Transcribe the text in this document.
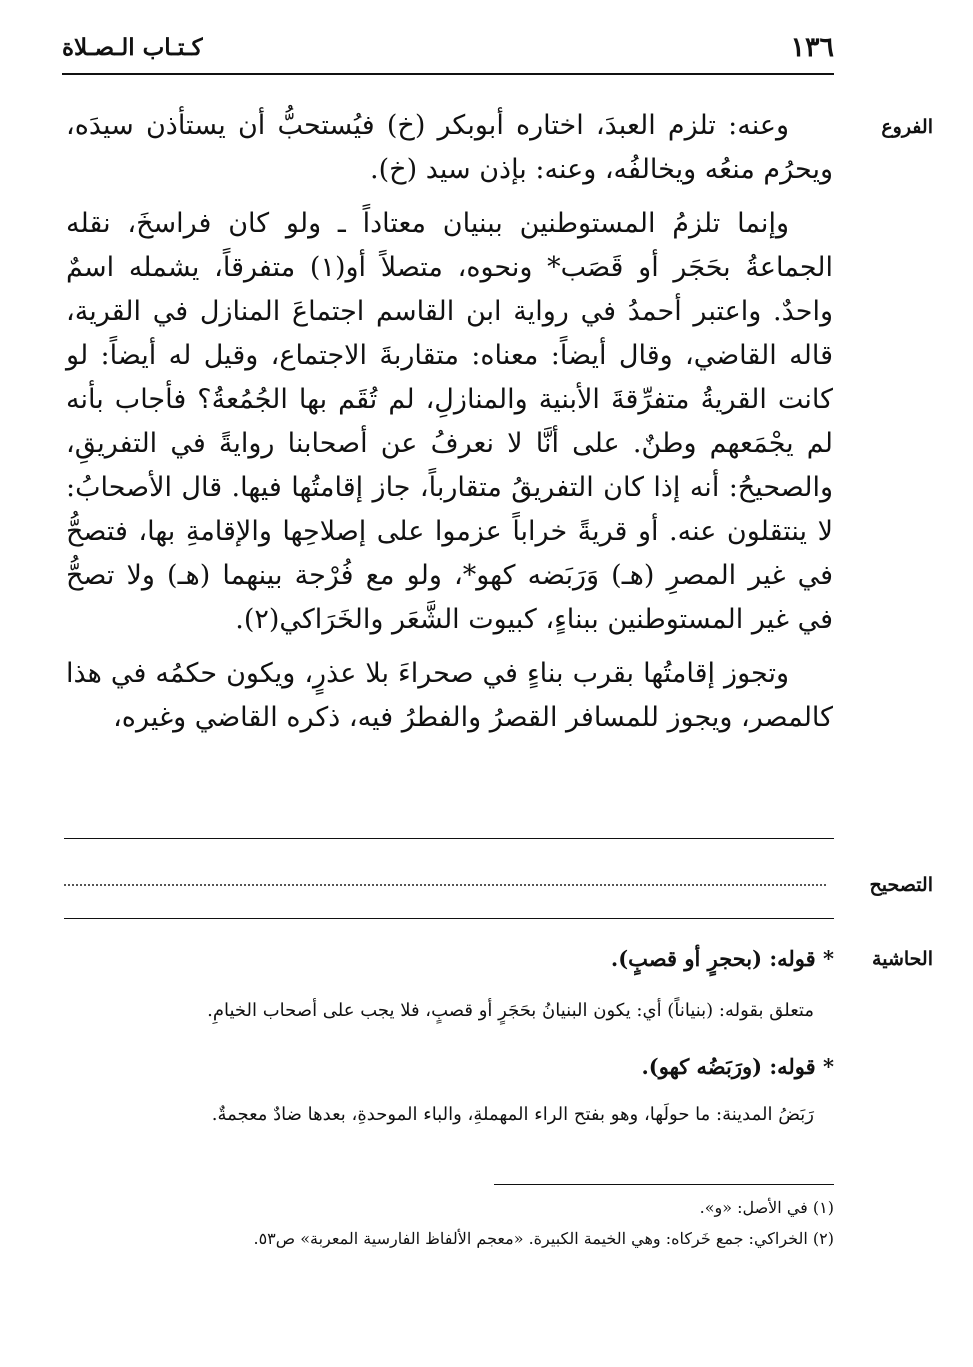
١٣٦
كـتـاب الـصـلاة
الفروع

وعنه: تلزم العبدَ، اختاره أبوبكر (خ) فيُستحبُّ أن يستأذن سيدَه، ويحرُم منعُه ويخالفُه، وعنه: بإذن سيد (خ).

وإنما تلزمُ المستوطنين ببنيان معتاداً ـ ولو كان فراسخَ، نقله الجماعةُ بحَجَر أو قَصَب* ونحوه، متصلاً أو(١) متفرقاً، يشمله اسمٌ واحدٌ. واعتبر أحمدُ في رواية ابن القاسم اجتماعَ المنازل في القرية، قاله القاضي، وقال أيضاً: معناه: متقاربةَ الاجتماع، وقيل له أيضاً: لو كانت القريةُ متفرِّقةَ الأبنية والمنازلِ، لم تُقَم بها الجُمُعةُ؟ فأجاب بأنه لم يجْمَعهم وطنٌ. على أنَّا لا نعرفُ عن أصحابنا روايةً في التفريقِ، والصحيحُ: أنه إذا كان التفريقُ متقارباً، جاز إقامتُها فيها. قال الأصحابُ: لا ينتقلون عنه. أو قريةً خراباً عزموا على إصلاحِها والإقامةِ بها، فتصحُّ في غير المصرِ (هـ) وَرَبَضه كهو*، ولو مع فُرْجة بينهما (هـ) ولا تصحُّ في غير المستوطنين ببناءٍ، كبيوت الشَّعَر والخَرَاكي(٢).

وتجوز إقامتُها بقرب بناءٍ في صحراءَ بلا عذرٍ، ويكون حكمُه في هذا كالمصر، ويجوز للمسافر القصرُ والفطرُ فيه، ذكره القاضي وغيره،

التصحيح
الحاشية

* قوله: (بحجرٍ أو قصبٍ).

متعلق بقوله: (بنياناً) أي: يكون البنيانُ بحَجَرٍ أو قصبٍ، فلا يجب على أصحاب الخيامِ.

* قوله: (ورَبَضُه كهو).

رَبَضُ المدينة: ما حولَها، وهو بفتح الراء المهملةِ، والباء الموحدةِ، بعدها ضادٌ معجمةٌ.

(١) في الأصل: «و».
(٢) الخراكي: جمع خَركاه: وهي الخيمة الكبيرة. «معجم الألفاظ الفارسية المعربة» ص٥٣.
